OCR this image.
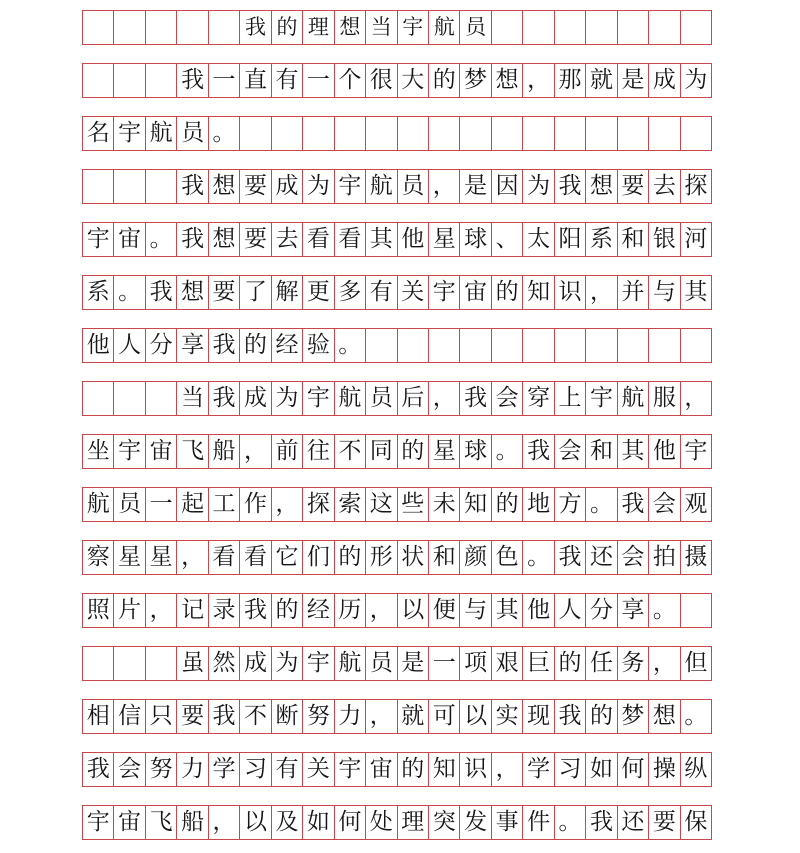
我 的 理 想 当 宇 航 员
我 一 直 有 一 个 很 大 的 梦 想 ， 那 就 是 成 为
名 宇 航 员 。
我 想 要 成 为 宇 航 员 ， 是 因 为 我 想 要 去 探
宇 宙 。 我 想 要 去 看 看 其 他 星 球 、 太 阳 系 和 银 河
系 。 我 想 要 了 解 更 多 有 关 宇 宙 的 知 识 ， 并 与 其
他 人 分 享 我 的 经 验 。
当 我 成 为 宇 航 员 后 ， 我 会 穿 上 宇 航 服 ，
坐 宇 宙 飞 船 ， 前 往 不 同 的 星 球 。 我 会 和 其 他 宇
航 员 一 起 工 作 ， 探 索 这 些 未 知 的 地 方 。 我 会 观
察 星 星 ， 看 看 它 们 的 形 状 和 颜 色 。 我 还 会 拍 摄
照 片 ， 记 录 我 的 经 历 ， 以 便 与 其 他 人 分 享 。
虽 然 成 为 宇 航 员 是 一 项 艰 巨 的 任 务 ， 但
相 信 只 要 我 不 断 努 力 ， 就 可 以 实 现 我 的 梦 想 。
我 会 努 力 学 习 有 关 宇 宙 的 知 识 ， 学 习 如 何 操 纵
宇 宙 飞 船 ， 以 及 如 何 处 理 突 发 事 件 。 我 还 要 保
